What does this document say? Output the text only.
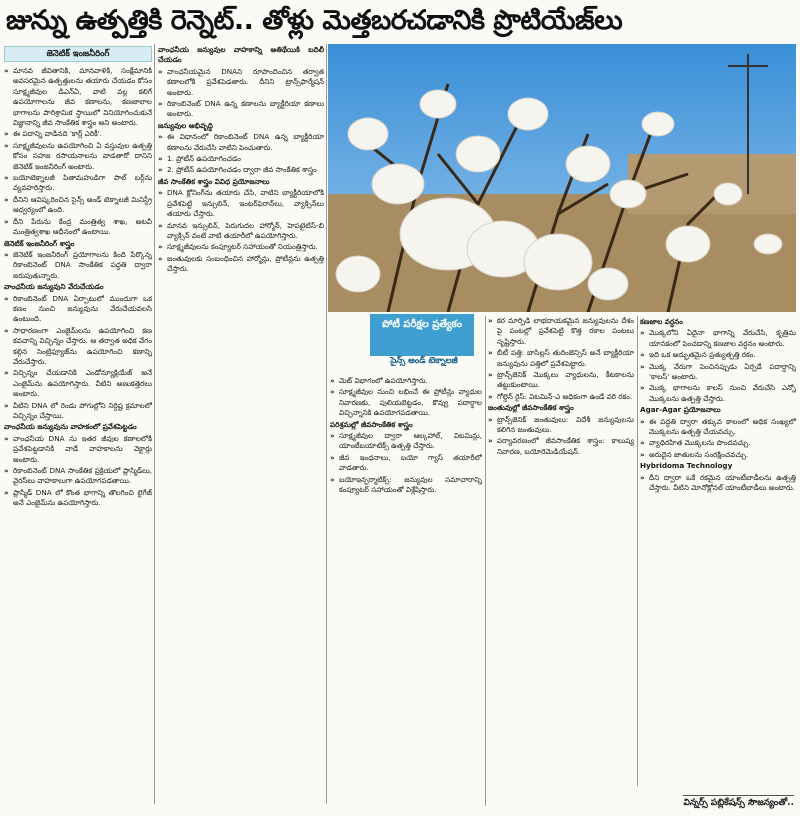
జున్ను ఉత్పత్తికి రెన్నెట్.. తోళ్లు మెత్తబరచడానికి ప్రొటియేజ్‌లు
జెనెటిక్ ఇంజనీరింగ్
» మానవ జీవితానికి, మానవాళికి, సంక్షేమానికి అవసరమైన ఉత్పత్తులను తయారు చేయడం కోసం సూక్ష్మజీవుల డిఎన్ఏ, వాటి వల్ల కలిగే ఉపయోగాలను జీవ కణాలను, కణజాలాల భాగాలను పారిశ్రామిక స్థాయిలో వినియోగించుకునే విజ్ఞానాన్ని జీవ సాంకేతిక శాస్త్రం అని అంటారు.
» ఈ పదాన్ని వాడినది 'కార్ల్ ఎరికీ'.
» సూక్ష్మజీవులను ఉపయోగించి ఏ వస్తువుల ఉత్పత్తి కోసం సహజ రసాయనాలను వాడతారో దానిని జెనెటిక్ ఇంజనీరింగ్ అంటారు.
» బయోటెక్నాలజీ పితామహుడిగా పాల్ బర్గ్‌ను వ్యవహరిస్తారు.
» దీనిని ఆవిష్కరించిన సైన్స్ అండ్ టెక్నాలజీ మినిస్ట్రీ ఆధ్వర్యంలో ఉంది.
» దీని పేరును కేంద్ర మంత్రిత్వ శాఖ, అటవీ మంత్రిత్వశాఖ ఆధీనంలో ఉంటాయి.
జెనెటిక్ ఇంజనీరింగ్ శాస్త్రం
» జెనెటిక్ ఇంజనీరింగ్ ప్రయోగాలను కింది పేర్కొన్న రికాంబినెంట్ DNA సాంకేతిక పద్ధతి ద్వారా జరుపుతున్నారు.
వాంఛనీయ జన్యువుని వేరుచేయడం
» రికాంబినెంట్ DNA ఏర్పాటులో ముందుగా ఒక కణం నుంచి జన్యువును వేరుచేయవలసి ఉంటుంది.
» సాధారణంగా ఎంజైమ్‌లను ఉపయోగించి కణ కవచాన్ని విచ్ఛిన్నం చేస్తారు. ఆ తర్వాత అధిక వేగం కల్గిన సెంట్రిఫ్యూజ్‌ను ఉపయోగించి కణాన్ని వేరుచేస్తారు.
» విచ్ఛిన్నం చేయడానికి ఎండోన్యూక్లియేజ్ అనే ఎంజైమ్‌ను ఉపయోగిస్తారు. వీటిని అణుకత్తెరలు అంటారు.
» వీటిని DNA లో రెండు పోగుల్లోని నిర్దిష్ట క్రమాలలో విచ్ఛిన్నం చేస్తాయి.
వాంఛనీయ జన్యువును వాహకంలో ప్రవేశపెట్టడం
» వాంఛనీయ DNA ను ఇతర జీవుల కణాలలోకి ప్రవేశపెట్టడానికి వాడే వాహకాలను వెక్టార్లు అంటారు.
» రికాంబినెంట్ DNA సాంకేతిక ప్రక్రియలో ప్లాస్మిడ్‌లు, వైరస్‌లు వాహకాలుగా ఉపయోగపడతాయి.
» ప్లాస్మిడ్ DNA లో కొంత భాగాన్ని తొలగించి లైగేజ్ అనే ఎంజైమ్‌ను ఉపయోగిస్తారు.
వాంఛనీయ జన్యువుల వాహకాన్ని అతిథేయికి బదిలీ చేయడం
» వాంఛనీయమైన DNAని రూపొందించిన తర్వాత కణాలలోకి ప్రవేశపెడతారు. దీనిని ట్రాన్స్‌ఫార్మేషన్ అంటారు.
» రికాంబినెంట్ DNA ఉన్న కణాలను బ్యాక్టీరియా కణాలు అంటారు.
జన్యువుల అభివృద్ధి
» ఈ విధానంలో రికాంబినెంట్ DNA ఉన్న బ్యాక్టీరియా కణాలను వేరుచేసి వాటిని పెంచుతారు.
» 1. ప్రోటీన్ ఉపయోగించడం
» 2. ప్రోటీన్ ఉపయోగించడం ద్వారా జీవ సాంకేతిక శాస్త్రం
జీవ సాంకేతిక శాస్త్రం వివిధ ప్రయోజనాలు
» DNA క్లోనింగ్‌ను తయారు చేసి, వాటిని బ్యాక్టీరియాలోకి ప్రవేశపెట్టి ఇన్సులిన్, ఇంటర్‌ఫెరాన్‌లు, వ్యాక్సిన్‌లు తయారు చేస్తారు.
» మానవ ఇన్సులిన్, పెరుగుదల హార్మోన్, హెపటైటిస్-బి వ్యాక్సిన్ వంటి వాటి తయారీలో ఉపయోగిస్తారు.
» సూక్ష్మజీవులను కంప్యూటర్ సహాయంతో నియంత్రిస్తారు.
» జంతువులకు సంబంధించిన హార్మోన్లు, ప్రోటీన్లను ఉత్పత్తి చేస్తారు.
పోటీ పరీక్షల ప్రత్యేకం
సైన్స్ అండ్ టెక్నాలజీ
» మెట్ విభాగంలో ఉపయోగిస్తారు.
» సూక్ష్మజీవుల నుంచి లభించే ఈ ప్రోటీన్లు వ్యాధుల నివారణకు, పులియబెట్టడం, కొవ్వు పదార్థాల విచ్ఛిన్నానికి ఉపయోగపడతాయి.
పరిశ్రమల్లో జీవసాంకేతిక శాస్త్రం
» సూక్ష్మజీవుల ద్వారా ఆల్కహాల్, విటమిన్లు, యాంటీబయాటిక్స్ ఉత్పత్తి చేస్తారు.
» జీవ ఇంధనాలు, బయో గ్యాస్ తయారీలో వాడతారు.
» బయోఇన్ఫర్మాటిక్స్: జన్యువుల సమాచారాన్ని కంప్యూటర్ సహాయంతో విశ్లేషిస్తారు.
» కర మార్పిడి లాభదాయకమైన జన్యువులను దేశం పై పంటల్లో ప్రవేశపెట్టి కొత్త రకాల పంటలు సృష్టిస్తారు.
» బీటీ పత్తి: బాసిల్లస్ తురింజెన్సిస్ అనే బ్యాక్టీరియా జన్యువును పత్తిలో ప్రవేశపెట్టారు.
» ట్రాన్స్‌జెనిక్ మొక్కలు వ్యాధులను, కీటకాలను తట్టుకుంటాయి.
» గోల్డెన్ రైస్: విటమిన్-ఎ అధికంగా ఉండే వరి రకం.
జంతువుల్లో జీవసాంకేతిక శాస్త్రం
» ట్రాన్స్‌జెనిక్ జంతువులు: విదేశీ జన్యువులను కలిగిన జంతువులు.
» పర్యావరణంలో జీవసాంకేతిక శాస్త్రం: కాలుష్య నివారణ, బయోరెమెడియేషన్.
కణజాల వర్ధనం
» మొక్కలోని ఏదైనా భాగాన్ని వేరుచేసి, కృత్రిమ యానకంలో పెంచడాన్ని కణజాల వర్ధనం అంటారు.
» ఇది ఒక అద్భుతమైన ప్రత్యుత్పత్తి రకం.
» మొక్క వేరుగా పెంచినప్పుడు ఏర్పడే పదార్థాన్ని 'కాలస్' అంటారు.
» మొక్క భాగాలను కాలస్ నుంచి వేరుచేసి ఎన్నో మొక్కలను ఉత్పత్తి చేస్తారు.
Agar-Agar ప్రయోజనాలు
» ఈ పద్ధతి ద్వారా తక్కువ కాలంలో అధిక సంఖ్యలో మొక్కలను ఉత్పత్తి చేయవచ్చు.
» వ్యాధిరహిత మొక్కలను పొందవచ్చు.
» అరుదైన జాతులను సంరక్షించవచ్చు.
Hybridoma Technology
» దీని ద్వారా ఒకే రకమైన యాంటీబాడీలను ఉత్పత్తి చేస్తారు. వీటిని మోనోక్లోనల్ యాంటీబాడీలు అంటారు.
విన్నర్స్ పబ్లికేషన్స్ సౌజన్యంతో..
